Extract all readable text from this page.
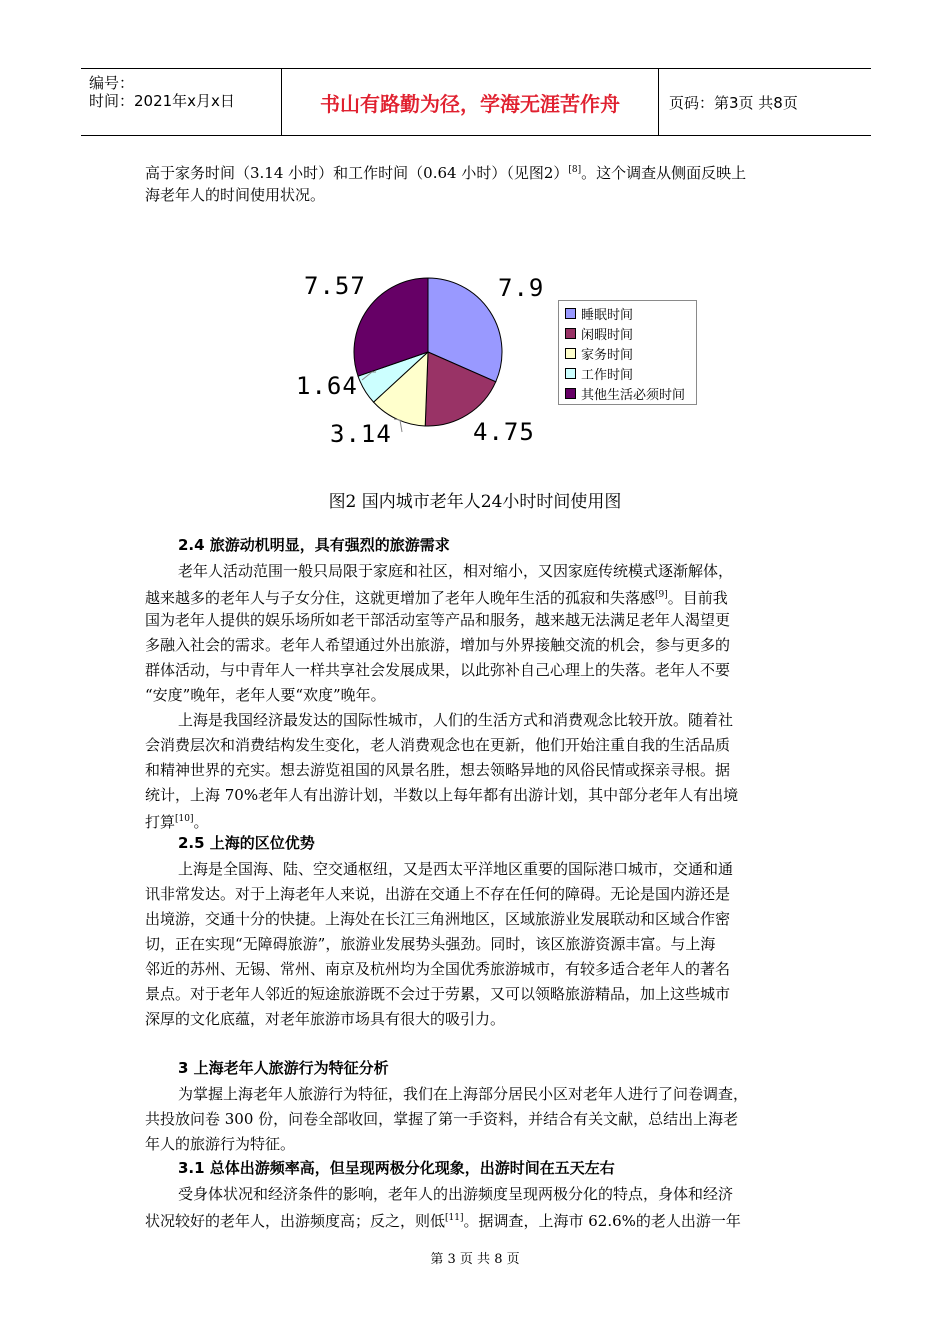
编号：
时间：2021年x月x日	书山有路勤为径，学海无涯苦作舟	页码：第3页 共8页
高于家务时间（3.14 小时）和工作时间（0.64 小时）（见图2）[8]。这个调查从侧面反映上
海老年人的时间使用状况。
7.57	7.9
1.64
3.14	4.75
睡眠时间
闲暇时间
家务时间
工作时间
其他生活必须时间
图2 国内城市老年人24小时时间使用图
2.4 旅游动机明显，具有强烈的旅游需求
老年人活动范围一般只局限于家庭和社区，相对缩小，又因家庭传统模式逐渐解体，
越来越多的老年人与子女分住，这就更增加了老年人晚年生活的孤寂和失落感[9]。目前我
国为老年人提供的娱乐场所如老干部活动室等产品和服务，越来越无法满足老年人渴望更
多融入社会的需求。老年人希望通过外出旅游，增加与外界接触交流的机会，参与更多的
群体活动，与中青年人一样共享社会发展成果，以此弥补自己心理上的失落。老年人不要
“安度”晚年，老年人要“欢度”晚年。
上海是我国经济最发达的国际性城市，人们的生活方式和消费观念比较开放。随着社
会消费层次和消费结构发生变化，老人消费观念也在更新，他们开始注重自我的生活品质
和精神世界的充实。想去游览祖国的风景名胜，想去领略异地的风俗民情或探亲寻根。据
统计，上海 70%老年人有出游计划，半数以上每年都有出游计划，其中部分老年人有出境
打算[10]。
2.5 上海的区位优势
上海是全国海、陆、空交通枢纽，又是西太平洋地区重要的国际港口城市，交通和通
讯非常发达。对于上海老年人来说，出游在交通上不存在任何的障碍。无论是国内游还是
出境游，交通十分的快捷。上海处在长江三角洲地区，区域旅游业发展联动和区域合作密
切，正在实现“无障碍旅游”，旅游业发展势头强劲。同时，该区旅游资源丰富。与上海
邻近的苏州、无锡、常州、南京及杭州均为全国优秀旅游城市，有较多适合老年人的著名
景点。对于老年人邻近的短途旅游既不会过于劳累，又可以领略旅游精品，加上这些城市
深厚的文化底蕴，对老年旅游市场具有很大的吸引力。
3 上海老年人旅游行为特征分析
为掌握上海老年人旅游行为特征，我们在上海部分居民小区对老年人进行了问卷调查，
共投放问卷 300 份，问卷全部收回，掌握了第一手资料，并结合有关文献，总结出上海老
年人的旅游行为特征。
3.1 总体出游频率高，但呈现两极分化现象，出游时间在五天左右
受身体状况和经济条件的影响，老年人的出游频度呈现两极分化的特点，身体和经济
状况较好的老年人，出游频度高；反之，则低[11]。据调查，上海市 62.6%的老人出游一年
第 3 页 共 8 页
